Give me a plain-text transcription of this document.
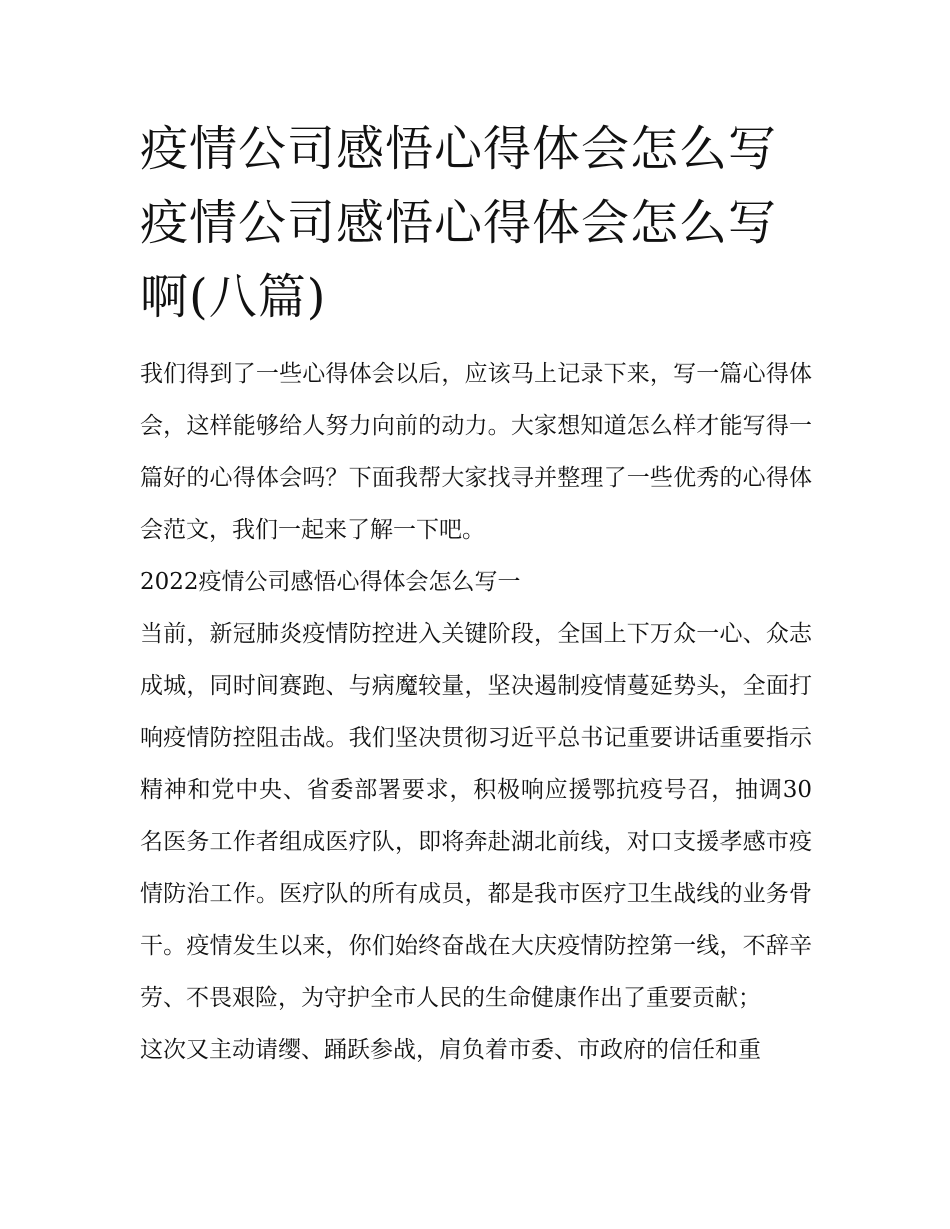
疫情公司感悟心得体会怎么写 疫情公司感悟心得体会怎么写啊(八篇)

我们得到了一些心得体会以后，应该马上记录下来，写一篇心得体会，这样能够给人努力向前的动力。大家想知道怎么样才能写得一篇好的心得体会吗？下面我帮大家找寻并整理了一些优秀的心得体会范文，我们一起来了解一下吧。

2022疫情公司感悟心得体会怎么写一

当前，新冠肺炎疫情防控进入关键阶段，全国上下万众一心、众志成城，同时间赛跑、与病魔较量，坚决遏制疫情蔓延势头，全面打响疫情防控阻击战。我们坚决贯彻习近平总书记重要讲话重要指示精神和党中央、省委部署要求，积极响应援鄂抗疫号召，抽调30名医务工作者组成医疗队，即将奔赴湖北前线，对口支援孝感市疫情防治工作。医疗队的所有成员，都是我市医疗卫生战线的业务骨干。疫情发生以来，你们始终奋战在大庆疫情防控第一线，不辞辛劳、不畏艰险，为守护全市人民的生命健康作出了重要贡献；

这次又主动请缨、踊跃参战，肩负着市委、市政府的信任和重
